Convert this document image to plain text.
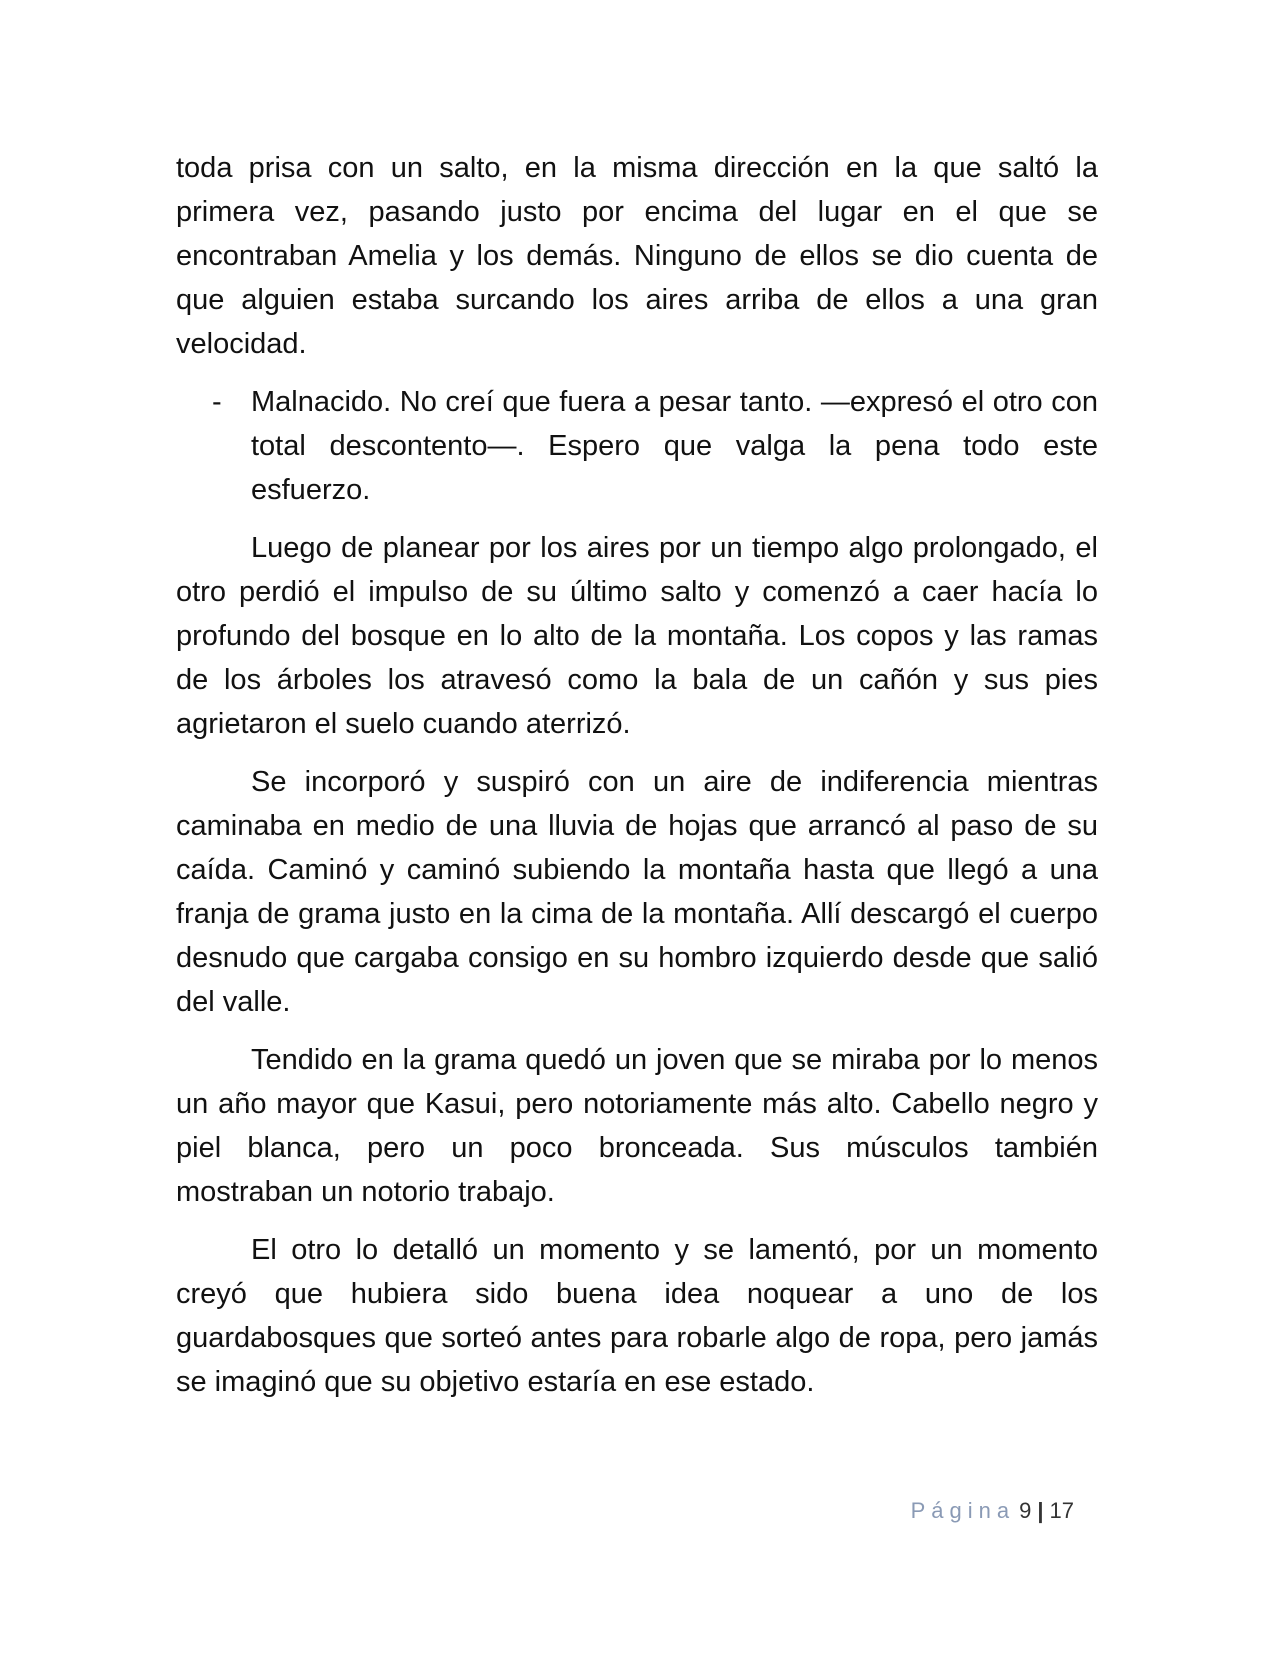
toda prisa con un salto, en la misma dirección en la que saltó la primera vez, pasando justo por encima del lugar en el que se encontraban Amelia y los demás. Ninguno de ellos se dio cuenta de que alguien estaba surcando los aires arriba de ellos a una gran velocidad.

- Malnacido. No creí que fuera a pesar tanto. —expresó el otro con total descontento—. Espero que valga la pena todo este esfuerzo.

Luego de planear por los aires por un tiempo algo prolongado, el otro perdió el impulso de su último salto y comenzó a caer hacía lo profundo del bosque en lo alto de la montaña. Los copos y las ramas de los árboles los atravesó como la bala de un cañón y sus pies agrietaron el suelo cuando aterrizó.

Se incorporó y suspiró con un aire de indiferencia mientras caminaba en medio de una lluvia de hojas que arrancó al paso de su caída. Caminó y caminó subiendo la montaña hasta que llegó a una franja de grama justo en la cima de la montaña. Allí descargó el cuerpo desnudo que cargaba consigo en su hombro izquierdo desde que salió del valle.

Tendido en la grama quedó un joven que se miraba por lo menos un año mayor que Kasui, pero notoriamente más alto. Cabello negro y piel blanca, pero un poco bronceada. Sus músculos también mostraban un notorio trabajo.

El otro lo detalló un momento y se lamentó, por un momento creyó que hubiera sido buena idea noquear a uno de los guardabosques que sorteó antes para robarle algo de ropa, pero jamás se imaginó que su objetivo estaría en ese estado.

Página 9 | 17
